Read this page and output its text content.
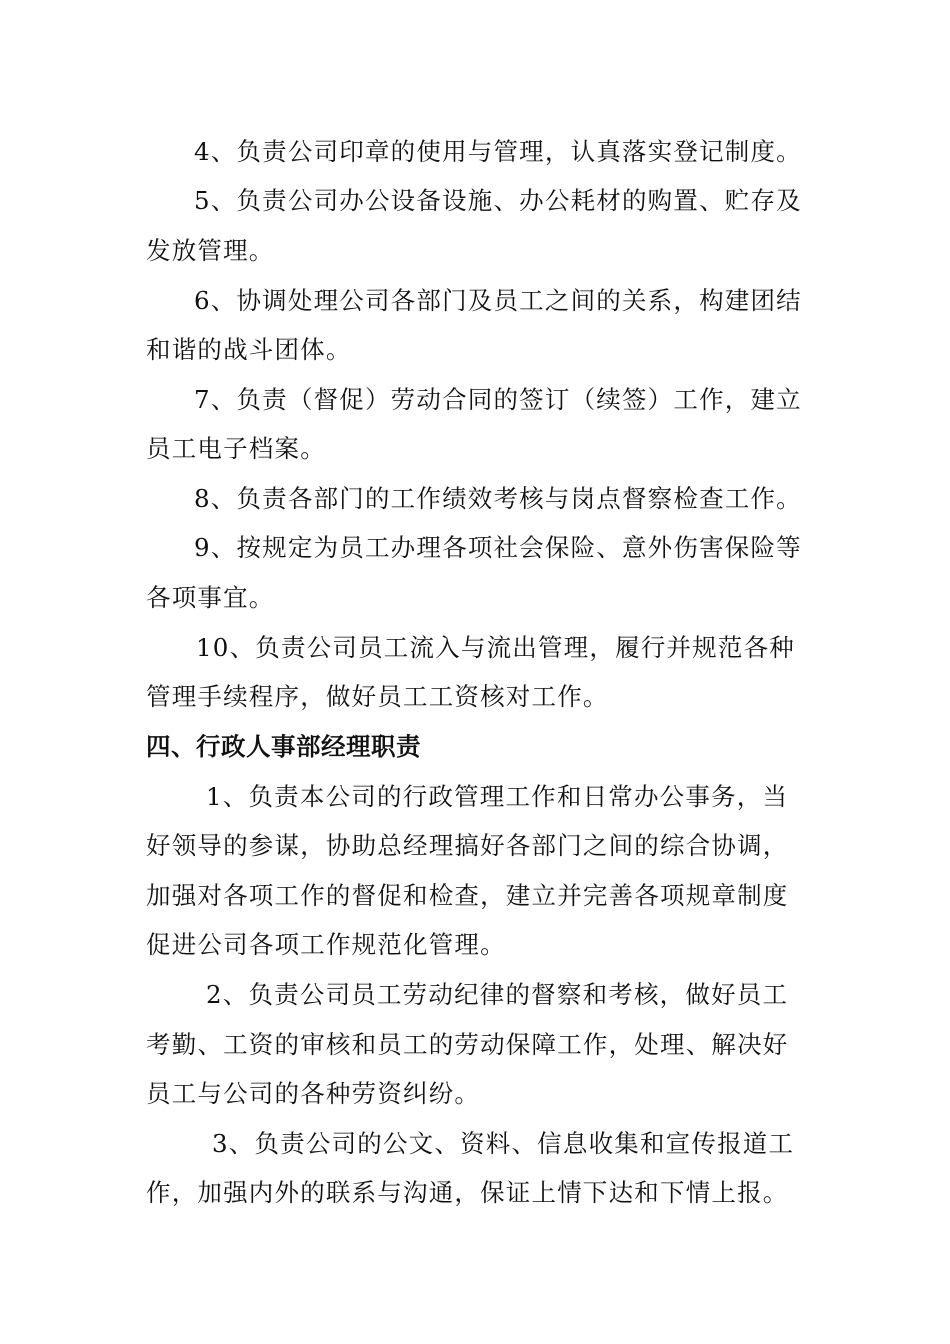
4、负责公司印章的使用与管理，认真落实登记制度。
5、负责公司办公设备设施、办公耗材的购置、贮存及
发放管理。
6、协调处理公司各部门及员工之间的关系，构建团结
和谐的战斗团体。
7、负责（督促）劳动合同的签订（续签）工作，建立
员工电子档案。
8、负责各部门的工作绩效考核与岗点督察检查工作。
9、按规定为员工办理各项社会保险、意外伤害保险等
各项事宜。
10、负责公司员工流入与流出管理，履行并规范各种
管理手续程序，做好员工工资核对工作。
四、行政人事部经理职责
1、负责本公司的行政管理工作和日常办公事务，当
好领导的参谋，协助总经理搞好各部门之间的综合协调，
加强对各项工作的督促和检查，建立并完善各项规章制度
促进公司各项工作规范化管理。
2、负责公司员工劳动纪律的督察和考核，做好员工
考勤、工资的审核和员工的劳动保障工作，处理、解决好
员工与公司的各种劳资纠纷。
3、负责公司的公文、资料、信息收集和宣传报道工
作，加强内外的联系与沟通，保证上情下达和下情上报。
